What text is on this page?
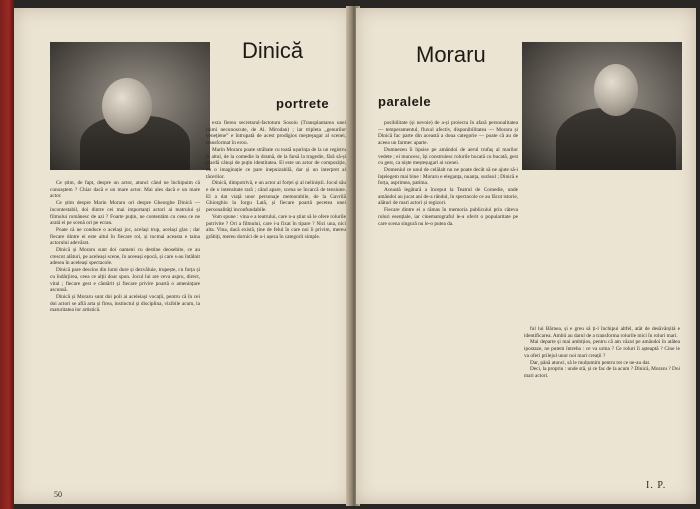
Dinică
portrete

Ce știm, de fapt, despre un actor, atunci când ne închipuim că cunoaștem ? Chiar dacă e un mare actor. Mai ales dacă e un mare actor.

Ce știm despre Marin Moraru ori despre Gheorghe Dinică — incontestabil, doi dintre cei mai importanți actori ai teatrului și filmului românesc de azi ? Foarte puțin, ne contentăm cu ceea ce ne arată ei pe scenă ori pe ecran.

Poate că ne conduce o același joc, același trup, același glas ; dar fiecare dintre ei este altul în fiecare rol, și tocmai aceasta e taina actorului adevărat.

Dinică și Moraru sunt doi oameni cu destine deosebite, ce au crescut alături, pe aceleași scene, în aceeași epocă, și care s-au întâlnit adesea în aceleași spectacole.

Dinică pare descins din lumi dure și dezvăluie, trupește, cu forța și cu îndârjirea, ceea ce alții doar spun. Jocul lui are ceva aspru, direct, vital ; fiecare gest e cântărit și fiecare privire poartă o amenințare ascunsă.

Dinică și Moraru sunt doi poli ai aceleiași vocații, pentru că în cei doi actori se află arta și firea, instinctul și disciplina, vizibile acum, la maturitatea lor artistică.

exta fierea secretarul-factotum Sosoiu (Transplantarea unei inimi necunoscute, de Al. Mirodan) ; iar tripleta „genurilor veneţiene” e întrupată de acest prodigios meşteşugar al scenei, transformat în erou.

Marin Moraru poate străbate cu toată ușurința de la un registru la altul, de la comedie la dramă, de la farsă la tragedie, fără să-și piardă câtuși de puțin identitatea. El este un actor de compoziție, cu o imaginație ce pare inepuizabilă, dar și un interpret al tăcerilor.

Dinică, dimpotrivă, e un actor al forței și al neliniștii. Jocul său e de o intensitate rară ; când apare, scena se încarcă de tensiune. El a dat viață unor personaje memorabile, de la Gavrilă Ghiorghiu la Iorgu Lată, și fiecare poartă pecetea unei personalități inconfundabile.

Vom spune : vina e a teatrului, care n-a știut să le ofere rolurile potrivite ? Ori a filmului, care i-a fixat în tipare ? Nici una, nici alta. Vina, dacă există, ține de felul în care noi îi privim, mereu grăbiți, mereu dornici de a-i așeza în categorii simple.

50
Moraru
paralele

posibilitate (și nevoie) de a-și proiecta în afară personalitatea — temperamentul, fluxul afectiv, disponibilitatea — Moraru și Dinică fac parte din această a doua categorie — poate că au de aceea un farmec aparte.

Dumnezeu îi lipsise pe amândoi de aerul trufaș al marilor vedete ; ei muncesc, își construiesc rolurile bucată cu bucată, gest cu gest, ca niște meșteșugari ai scenei.

Domeniul ce unul de celălalt nu ne poate decât să ne ajute să-i înțelegem mai bine : Moraru e eleganța, nuanța, surâsul ; Dinică e forța, asprimea, patima.

Această legătură a început la Teatrul de Comedie, unde amândoi au jucat ani de-a rândul, în spectacole ce au făcut istorie, alături de mari actori și regizori.

Fiecare dintre ei a rămas în memoria publicului prin câteva roluri esențiale, iar cinematograful le-a oferit o popularitate pe care scena singură nu le-o putea da.

ful lui Bărnea, și e greu să ți-l închipui altfel, atât de desăvârșită e identificarea. Ambii au darul de a transforma rolurile mici în roluri mari.

Mai departe și mai ambițios, pentru că am văzut pe amândoi în atâtea ipostaze, ne putem întreba : ce va urma ? Ce roluri îi așteaptă ? Cine le va oferi prilejul unor noi mari creații ?

Dar, până atunci, să le mulțumim pentru tot ce ne-au dat.

Deci, la propriu : unde stă, și ce fac de la acum ? Dinică, Moraru ? Doi mari actori.

I. P.
